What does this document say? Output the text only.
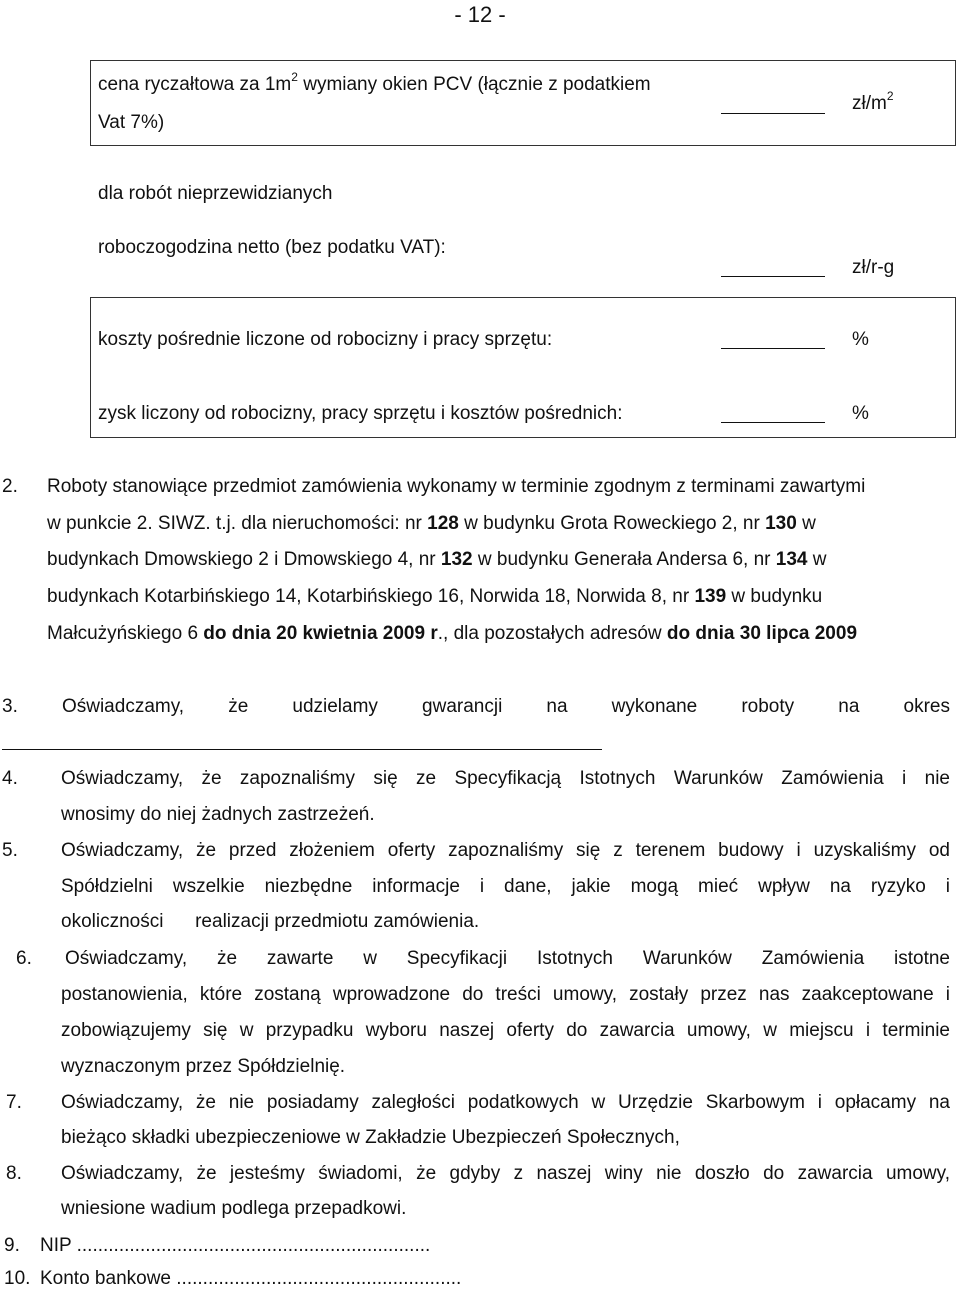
- 12 -
cena ryczałtowa za $1m^2$ wymiany okien PCV (łącznie z podatkiem
Vat 7%)
$zł/m^2$
dla robót nieprzewidzianych
roboczogodzina netto (bez podatku VAT):
zł/r-g
koszty pośrednie liczone od robocizny i pracy sprzętu:	%
zysk liczony od robocizny, pracy sprzętu i kosztów pośrednich:	%
2. Roboty stanowiące przedmiot zamówienia wykonamy w terminie zgodnym z terminami zawartymi
w punkcie 2. SIWZ. t.j. dla nieruchomości: nr 128 w budynku Grota Roweckiego 2, nr 130 w
budynkach Dmowskiego 2 i Dmowskiego 4, nr 132 w budynku Generała Andersa 6, nr 134 w
budynkach Kotarbińskiego 14, Kotarbińskiego 16, Norwida 18, Norwida 8, nr 139 w budynku
Małcużyńskiego 6 do dnia 20 kwietnia 2009 r., dla pozostałych adresów do dnia 30 lipca 2009
3. Oświadczamy, że udzielamy gwarancji na wykonane roboty na okres
4. Oświadczamy, że zapoznaliśmy się ze Specyfikacją Istotnych Warunków Zamówienia i nie
wnosimy do niej żadnych zastrzeżeń.
5. Oświadczamy, że przed złożeniem oferty zapoznaliśmy się z terenem budowy i uzyskaliśmy od
Spółdzielni wszelkie niezbędne informacje i dane, jakie mogą mieć wpływ na ryzyko i
okoliczności      realizacji przedmiotu zamówienia.
6. Oświadczamy, że zawarte w Specyfikacji Istotnych Warunków Zamówienia istotne
postanowienia, które zostaną wprowadzone do treści umowy, zostały przez nas zaakceptowane i
zobowiązujemy się w przypadku wyboru naszej oferty do zawarcia umowy, w miejscu i terminie
wyznaczonym przez Spółdzielnię.
7. Oświadczamy, że nie posiadamy zaległości podatkowych w Urzędzie Skarbowym i opłacamy na
bieżąco składki ubezpieczeniowe w Zakładzie Ubezpieczeń Społecznych,
8. Oświadczamy, że jesteśmy świadomi, że gdyby z naszej winy nie doszło do zawarcia umowy,
wniesione wadium podlega przepadkowi.
9. NIP ...................................................................
10. Konto bankowe ......................................................
